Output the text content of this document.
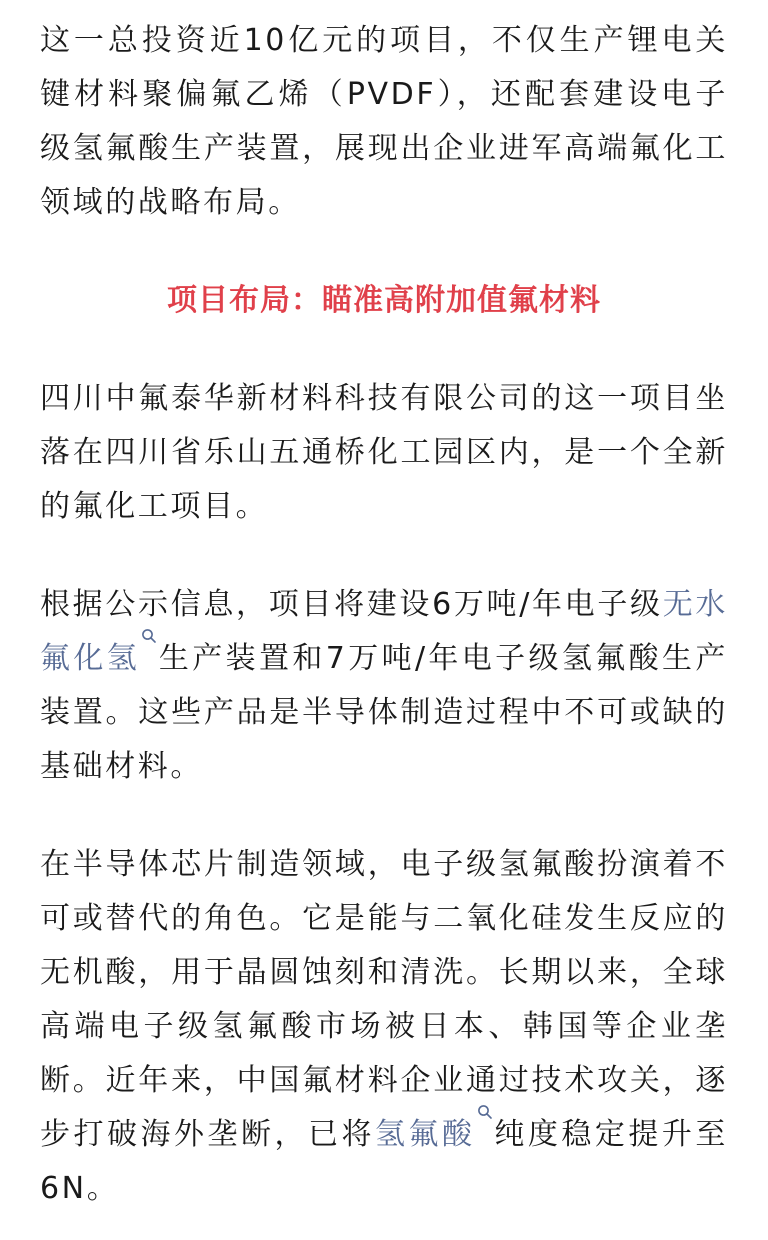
这一总投资近10亿元的项目，不仅生产锂电关键材料聚偏氟乙烯（PVDF），还配套建设电子级氢氟酸生产装置，展现出企业进军高端氟化工领域的战略布局。

项目布局：瞄准高附加值氟材料

四川中氟泰华新材料科技有限公司的这一项目坐落在四川省乐山五通桥化工园区内，是一个全新的氟化工项目。

根据公示信息，项目将建设6万吨/年电子级无水氟化氢 生产装置和7万吨/年电子级氢氟酸生产装置。这些产品是半导体制造过程中不可或缺的基础材料。

在半导体芯片制造领域，电子级氢氟酸扮演着不可或替代的角色。它是能与二氧化硅发生反应的无机酸，用于晶圆蚀刻和清洗。长期以来，全球高端电子级氢氟酸市场被日本、韩国等企业垄断。近年来，中国氟材料企业通过技术攻关，逐步打破海外垄断，已将氢氟酸 纯度稳定提升至6N。
